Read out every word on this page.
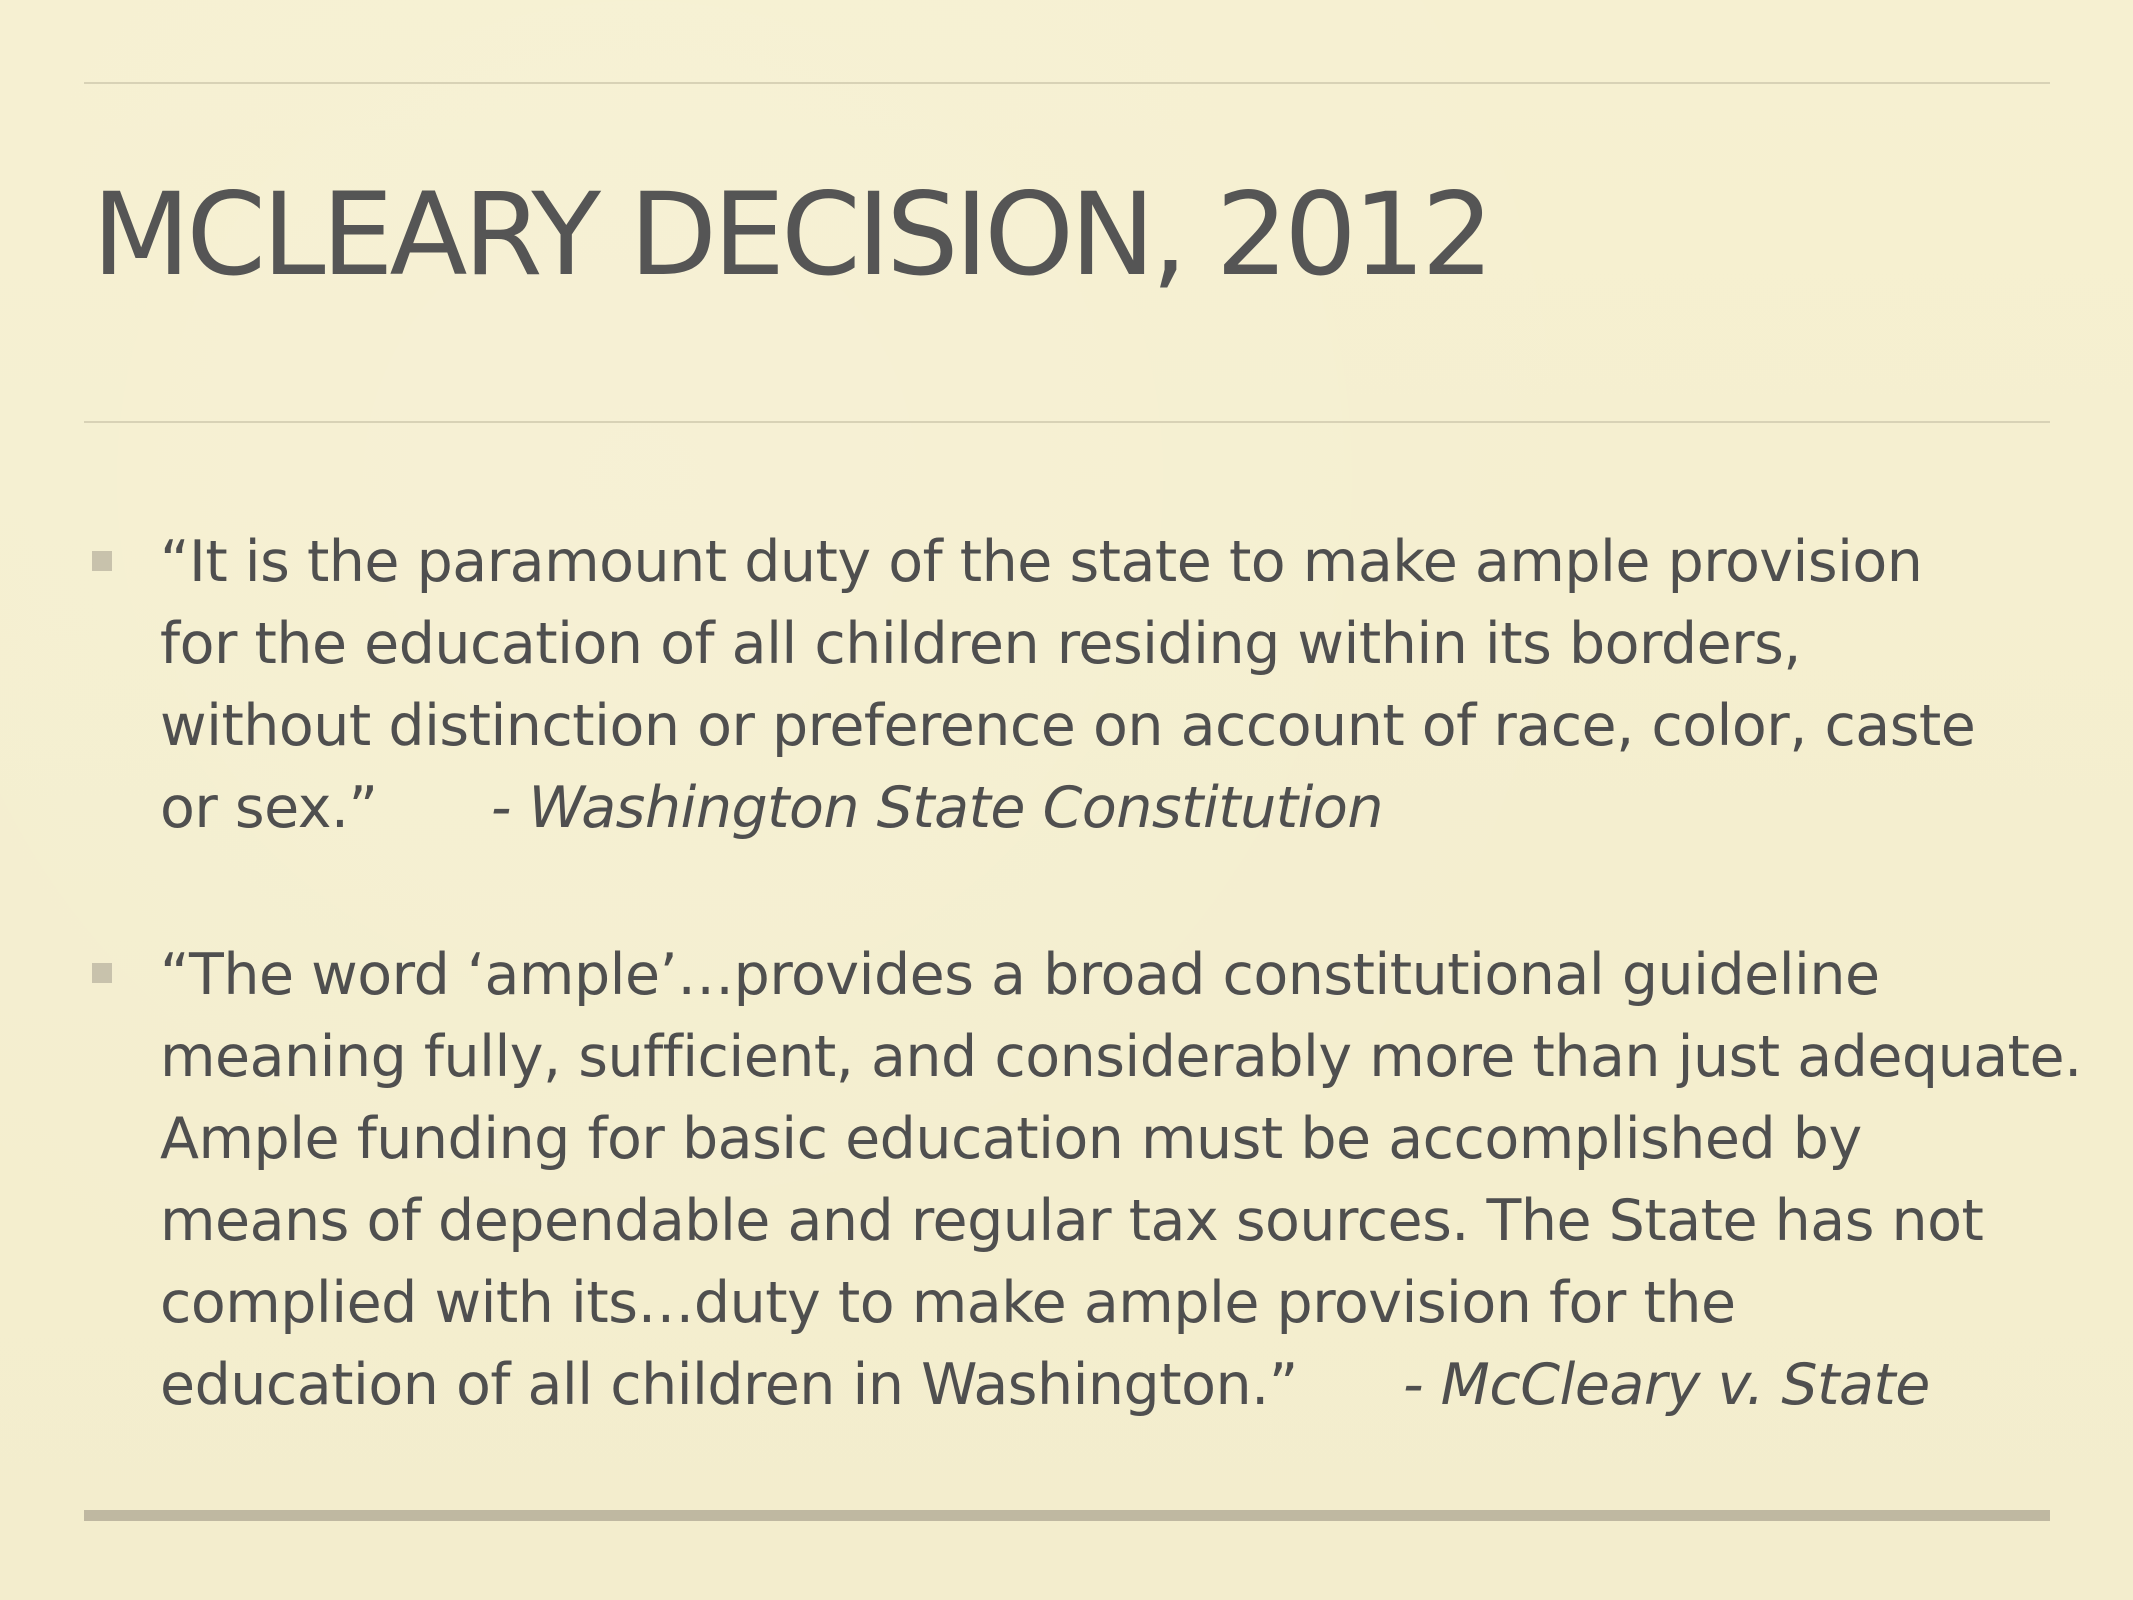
MCLEARY DECISION, 2012

“It is the paramount duty of the state to make ample provision
for the education of all children residing within its borders,
without distinction or preference on account of race, color, caste
or sex.” - Washington State Constitution

“The word ‘ample’…provides a broad constitutional guideline
meaning fully, sufficient, and considerably more than just adequate.
Ample funding for basic education must be accomplished by
means of dependable and regular tax sources. The State has not
complied with its…duty to make ample provision for the
education of all children in Washington.” - McCleary v. State
